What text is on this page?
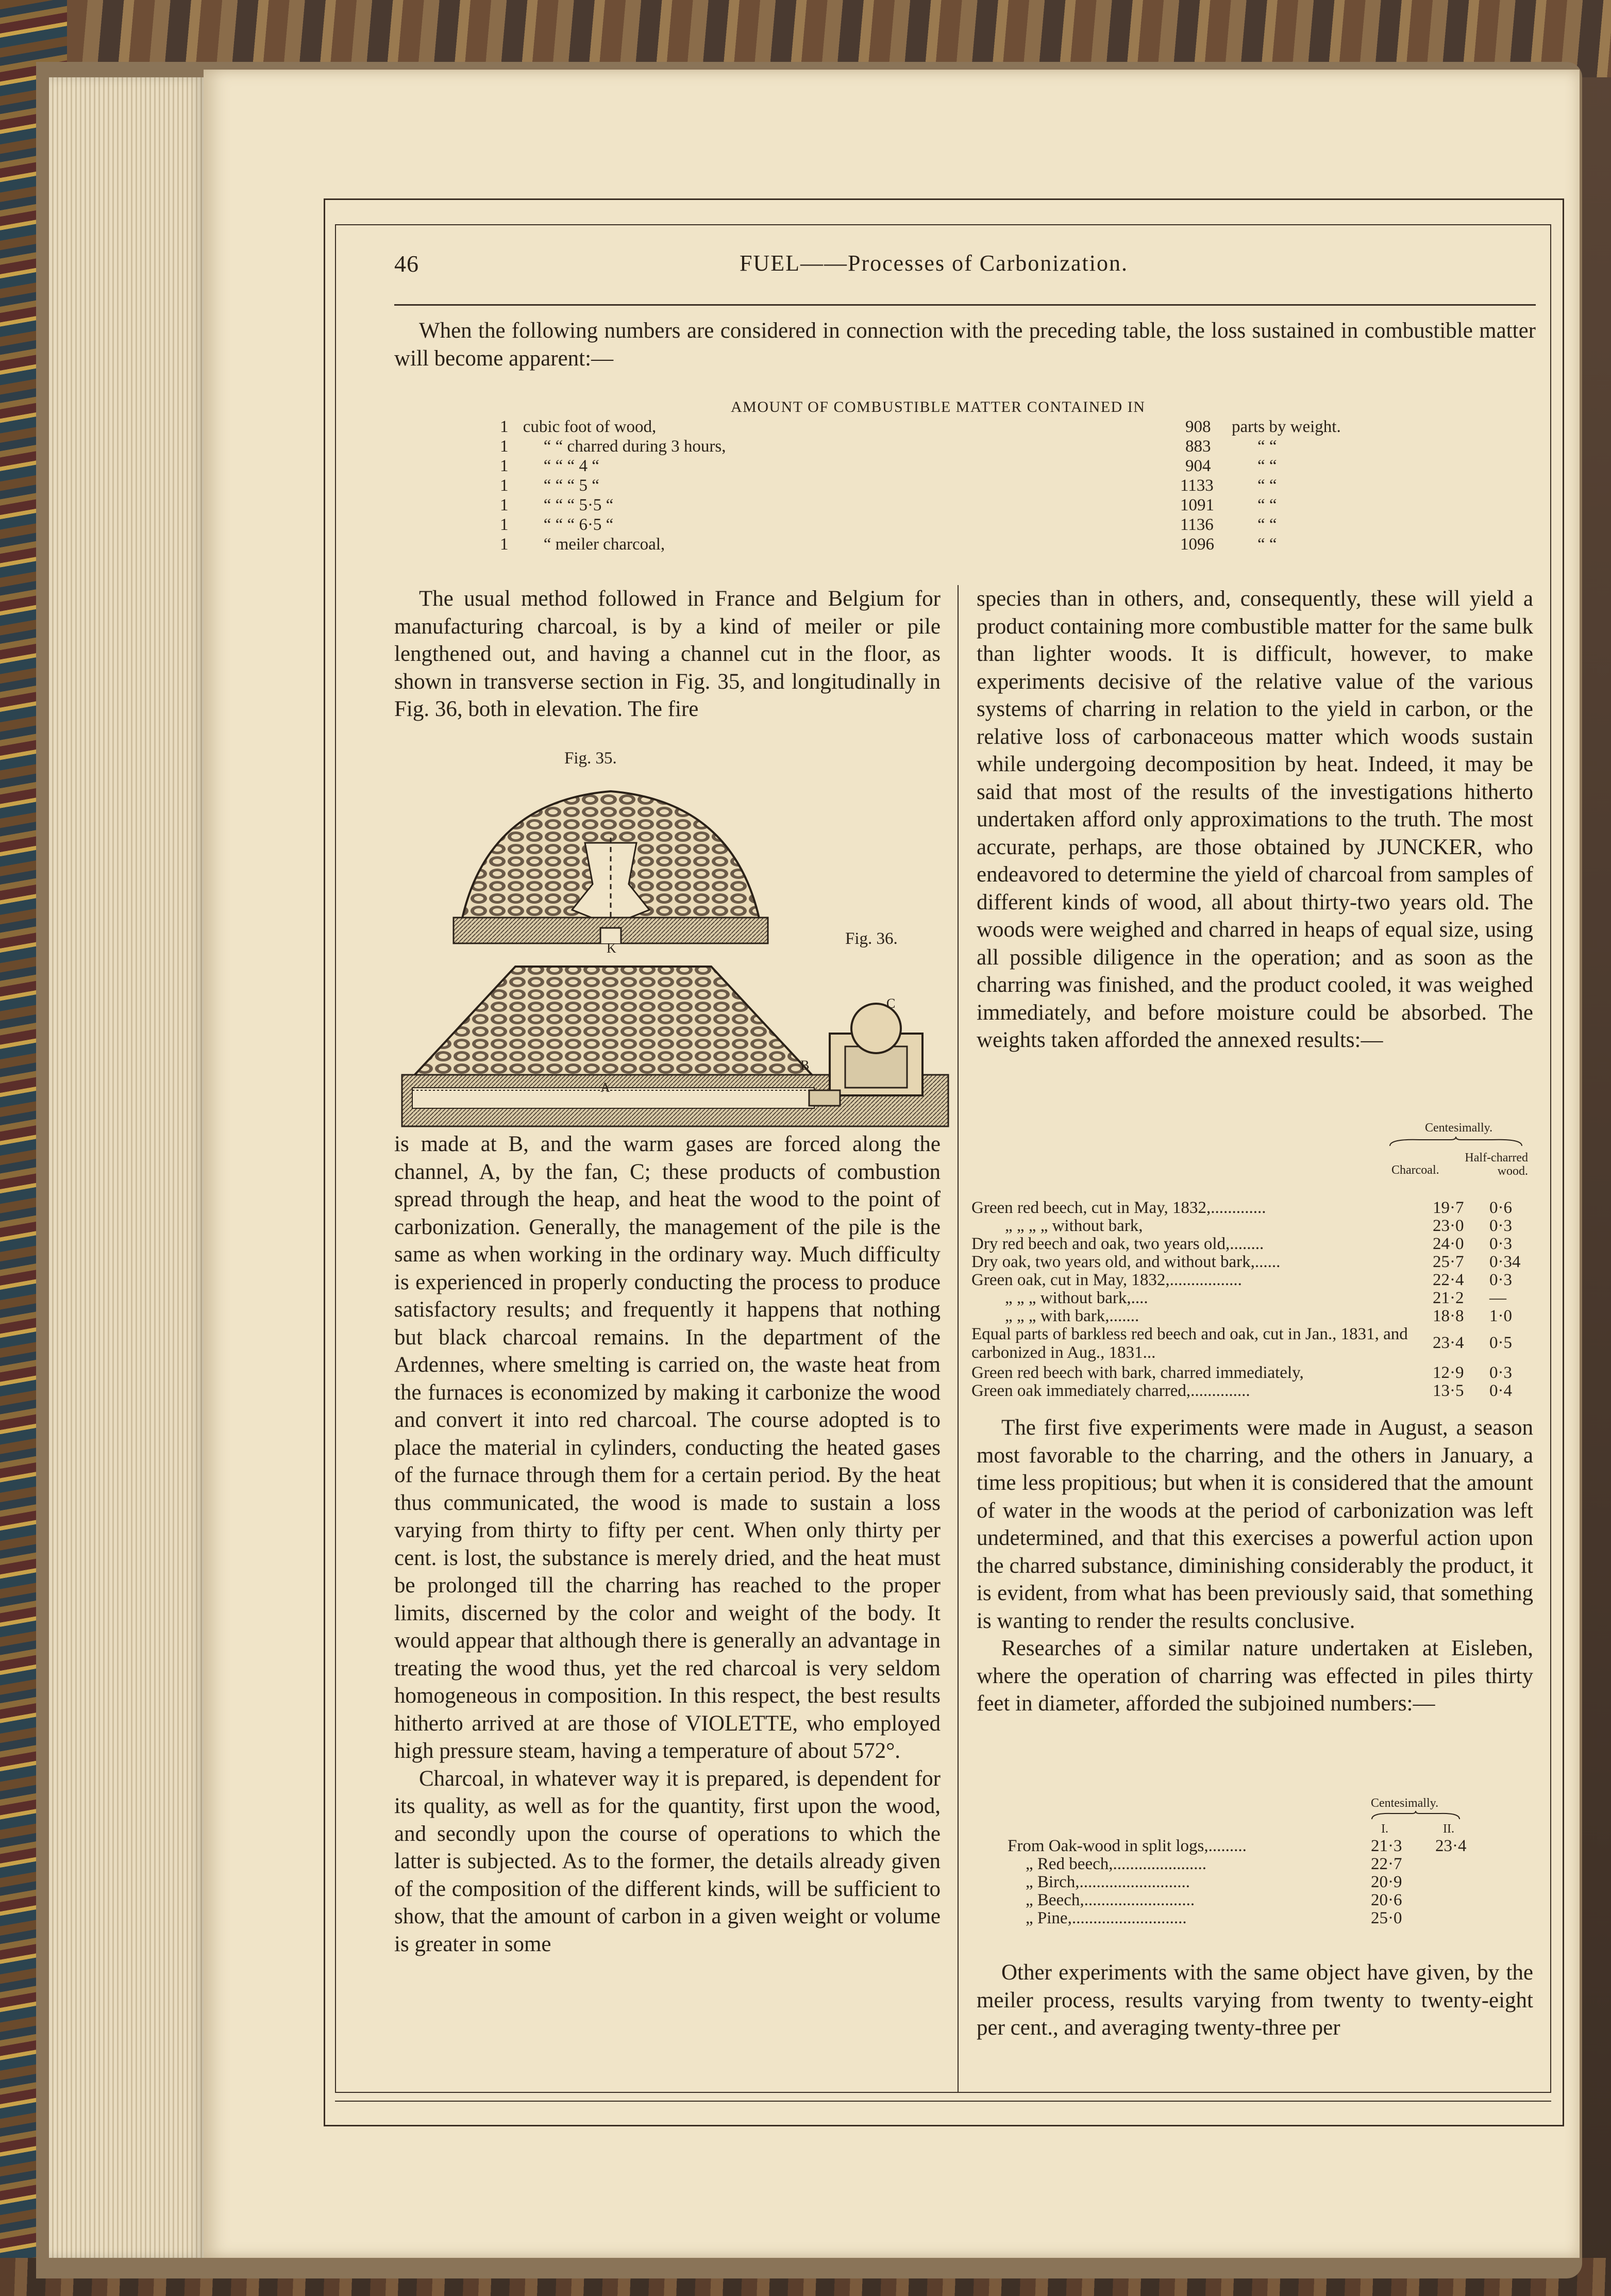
46	FUEL——Processes of Carbonization.

When the following numbers are considered in connection with the preceding table, the loss sustained in combustible matter will become apparent:—

AMOUNT OF COMBUSTIBLE MATTER CONTAINED IN
1 cubic foot of wood,	908 parts by weight.
1 “ “ charred during 3 hours,	883	“ “
1 “ “ “ 4 “	904	“ “
1 “ “ “ 5 “	1133	“ “
1 “ “ “ 5·5 “	1091	“ “
1 “ “ “ 6·5 “	1136	“ “
1 “ meiler charcoal,	1096	“ “

The usual method followed in France and Belgium for manufacturing charcoal, is by a kind of meiler or pile lengthened out, and having a channel cut in the floor, as shown in transverse section in Fig. 35, and longitudinally in Fig. 36, both in elevation. The fire

Fig. 35.
Fig. 36.
K
C
B
A

is made at B, and the warm gases are forced along the channel, A, by the fan, C; these products of combustion spread through the heap, and heat the wood to the point of carbonization. Generally, the management of the pile is the same as when working in the ordinary way. Much difficulty is experienced in properly conducting the process to produce satisfactory results; and frequently it happens that nothing but black charcoal remains. In the department of the Ardennes, where smelting is carried on, the waste heat from the furnaces is economized by making it carbonize the wood and convert it into red charcoal. The course adopted is to place the material in cylinders, conducting the heated gases of the furnace through them for a certain period. By the heat thus communicated, the wood is made to sustain a loss varying from thirty to fifty per cent. When only thirty per cent. is lost, the substance is merely dried, and the heat must be prolonged till the charring has reached to the proper limits, discerned by the color and weight of the body. It would appear that although there is generally an advantage in treating the wood thus, yet the red charcoal is very seldom homogeneous in composition. In this respect, the best results hitherto arrived at are those of VIOLETTE, who employed high pressure steam, having a temperature of about 572°.

Charcoal, in whatever way it is prepared, is dependent for its quality, as well as for the quantity, first upon the wood, and secondly upon the course of operations to which the latter is subjected. As to the former, the details already given of the composition of the different kinds, will be sufficient to show, that the amount of carbon in a given weight or volume is greater in some

species than in others, and, consequently, these will yield a product containing more combustible matter for the same bulk than lighter woods. It is difficult, however, to make experiments decisive of the relative value of the various systems of charring in relation to the yield in carbon, or the relative loss of carbonaceous matter which woods sustain while undergoing decomposition by heat. Indeed, it may be said that most of the results of the investigations hitherto undertaken afford only approximations to the truth. The most accurate, perhaps, are those obtained by JUNCKER, who endeavored to determine the yield of charcoal from samples of different kinds of wood, all about thirty-two years old. The woods were weighed and charred in heaps of equal size, using all possible diligence in the operation; and as soon as the charring was finished, and the product cooled, it was weighed immediately, and before moisture could be absorbed. The weights taken afforded the annexed results:—

Centesimally.
Charcoal.
Half-charred wood.
Green red beech, cut in May, 1832,.............	19·7 0·6
„ „ „ „ without bark,	23·0 0·3
Dry red beech and oak, two years old,........	24·0 0·3
Dry oak, two years old, and without bark,......	25·7 0·34
Green oak, cut in May, 1832,.................	22·4 0·3
„ „ „ without bark,....	21·2 —
„ „ „ with bark,.......	18·8 1·0
Equal parts of barkless red beech and oak, cut in Jan., 1831, and carbonized in Aug., 1831...
23·4 0·5
Green red beech with bark, charred immediately,	12·9 0·3
Green oak immediately charred,..............	13·5 0·4

The first five experiments were made in August, a season most favorable to the charring, and the others in January, a time less propitious; but when it is considered that the amount of water in the woods at the period of carbonization was left undetermined, and that this exercises a powerful action upon the charred substance, diminishing considerably the product, it is evident, from what has been previously said, that something is wanting to render the results conclusive.

Researches of a similar nature undertaken at Eisleben, where the operation of charring was effected in piles thirty feet in diameter, afforded the subjoined numbers:—

Centesimally.
I.	II.
From Oak-wood in split logs,.........	21·3 23·4
„ Red beech,......................	22·7
„ Birch,..........................	20·9
„ Beech,..........................	20·6
„ Pine,...........................	25·0

Other experiments with the same object have given, by the meiler process, results varying from twenty to twenty-eight per cent., and averaging twenty-three per
